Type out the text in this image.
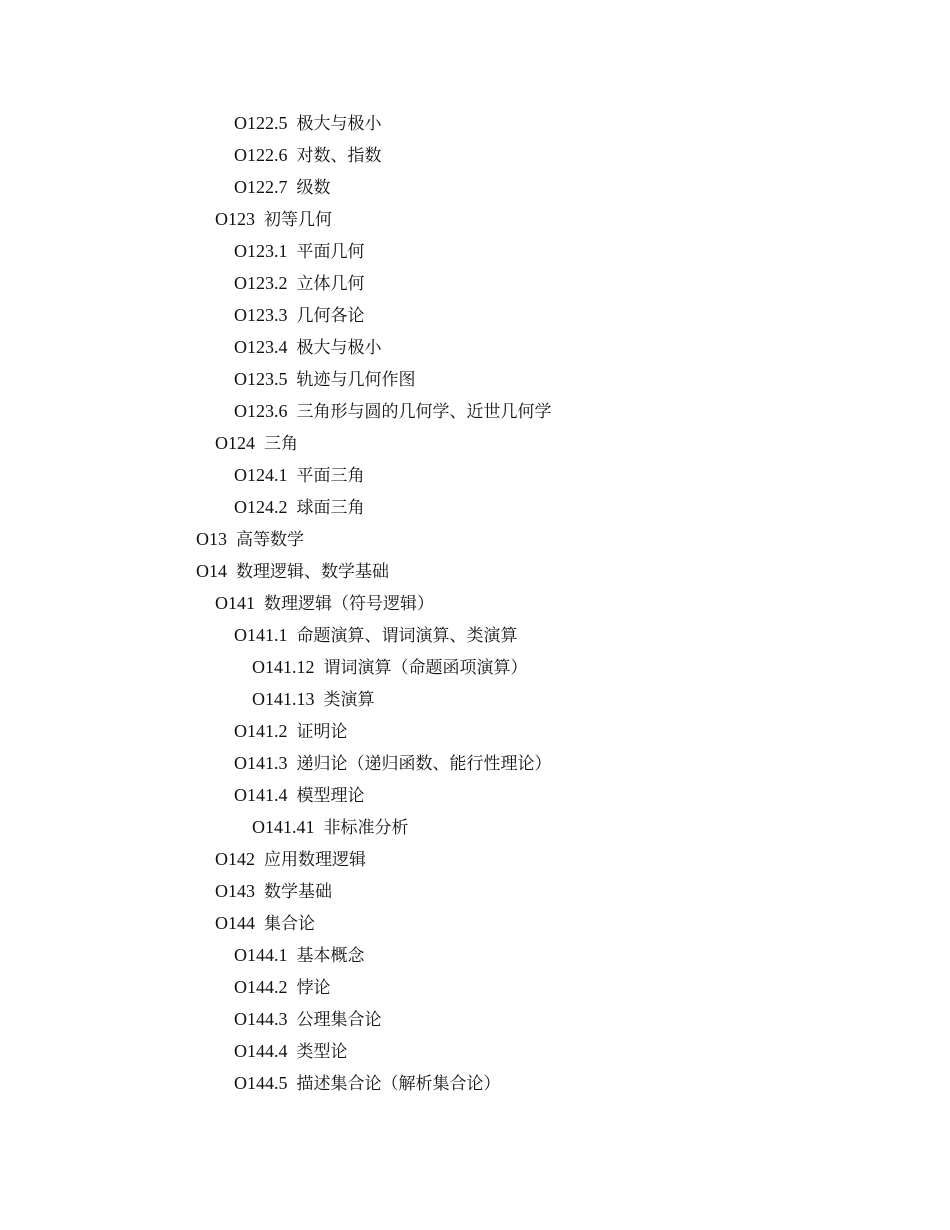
O122.5 极大与极小
O122.6 对数、指数
O122.7 级数
O123 初等几何
O123.1 平面几何
O123.2 立体几何
O123.3 几何各论
O123.4 极大与极小
O123.5 轨迹与几何作图
O123.6 三角形与圆的几何学、近世几何学
O124 三角
O124.1 平面三角
O124.2 球面三角
O13 高等数学
O14 数理逻辑、数学基础
O141 数理逻辑（符号逻辑）
O141.1 命题演算、谓词演算、类演算
O141.12 谓词演算（命题函项演算）
O141.13 类演算
O141.2 证明论
O141.3 递归论（递归函数、能行性理论）
O141.4 模型理论
O141.41 非标准分析
O142 应用数理逻辑
O143 数学基础
O144 集合论
O144.1 基本概念
O144.2 悖论
O144.3 公理集合论
O144.4 类型论
O144.5 描述集合论（解析集合论）
